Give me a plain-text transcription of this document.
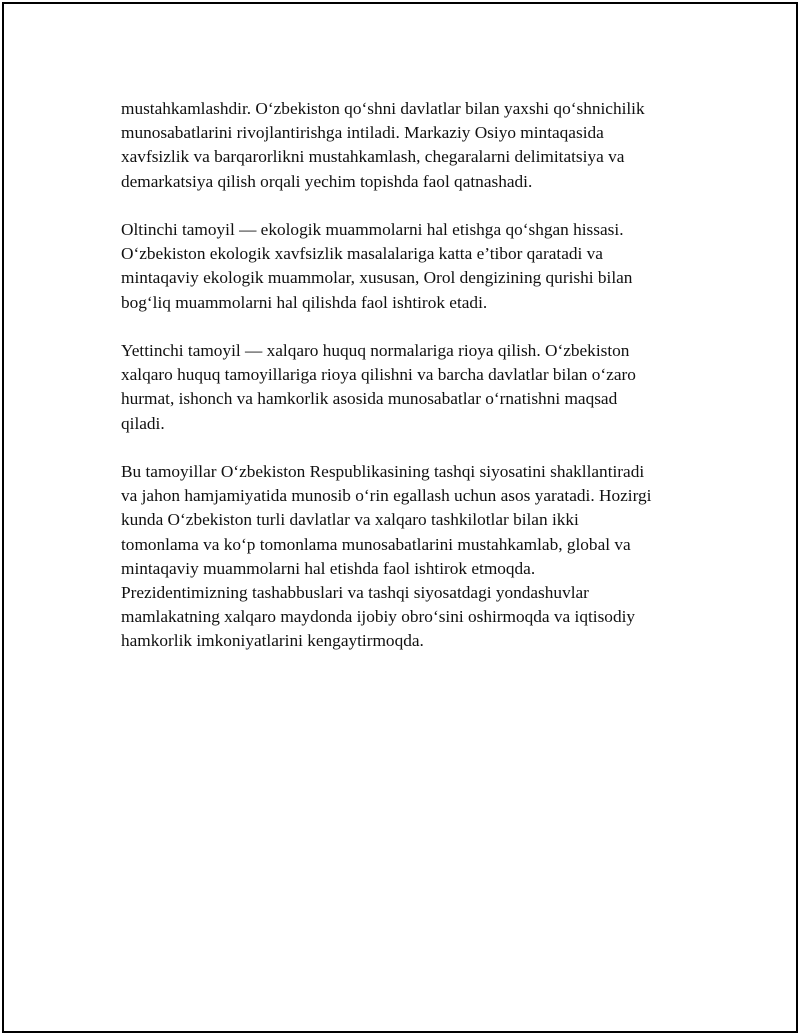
mustahkamlashdir. O‘zbekiston qo‘shni davlatlar bilan yaxshi qo‘shnichilik
munosabatlarini rivojlantirishga intiladi. Markaziy Osiyo mintaqasida
xavfsizlik va barqarorlikni mustahkamlash, chegaralarni delimitatsiya va
demarkatsiya qilish orqali yechim topishda faol qatnashadi.

Oltinchi tamoyil — ekologik muammolarni hal etishga qo‘shgan hissasi.
O‘zbekiston ekologik xavfsizlik masalalariga katta e’tibor qaratadi va
mintaqaviy ekologik muammolar, xususan, Orol dengizining qurishi bilan
bog‘liq muammolarni hal qilishda faol ishtirok etadi.

Yettinchi tamoyil — xalqaro huquq normalariga rioya qilish. O‘zbekiston
xalqaro huquq tamoyillariga rioya qilishni va barcha davlatlar bilan o‘zaro
hurmat, ishonch va hamkorlik asosida munosabatlar o‘rnatishni maqsad
qiladi.

Bu tamoyillar O‘zbekiston Respublikasining tashqi siyosatini shakllantiradi
va jahon hamjamiyatida munosib o‘rin egallash uchun asos yaratadi. Hozirgi
kunda O‘zbekiston turli davlatlar va xalqaro tashkilotlar bilan ikki
tomonlama va ko‘p tomonlama munosabatlarini mustahkamlab, global va
mintaqaviy muammolarni hal etishda faol ishtirok etmoqda.
Prezidentimizning tashabbuslari va tashqi siyosatdagi yondashuvlar
mamlakatning xalqaro maydonda ijobiy obro‘sini oshirmoqda va iqtisodiy
hamkorlik imkoniyatlarini kengaytirmoqda.
